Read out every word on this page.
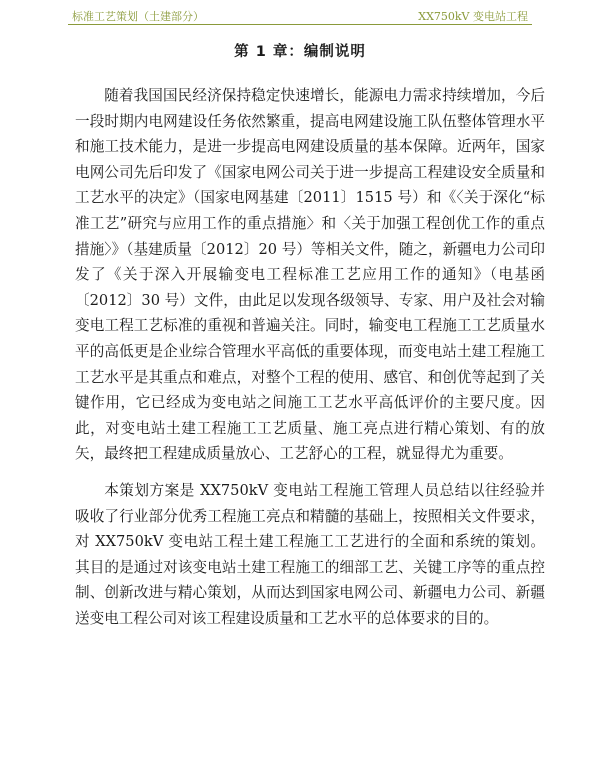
标准工艺策划（土建部分）	XX750kV 变电站工程
第 1 章：编制说明

随着我国国民经济保持稳定快速增长，能源电力需求持续增加，今后一段时期内电网建设任务依然繁重，提高电网建设施工队伍整体管理水平和施工技术能力，是进一步提高电网建设质量的基本保障。近两年，国家电网公司先后印发了《国家电网公司关于进一步提高工程建设安全质量和工艺水平的决定》（国家电网基建〔2011〕1515 号）和《〈关于深化“标准工艺”研究与应用工作的重点措施〉和〈关于加强工程创优工作的重点措施〉》（基建质量〔2012〕20 号）等相关文件，随之，新疆电力公司印发了《关于深入开展输变电工程标准工艺应用工作的通知》（电基函〔2012〕30 号）文件，由此足以发现各级领导、专家、用户及社会对输变电工程工艺标准的重视和普遍关注。同时，输变电工程施工工艺质量水平的高低更是企业综合管理水平高低的重要体现，而变电站土建工程施工工艺水平是其重点和难点，对整个工程的使用、感官、和创优等起到了关键作用，它已经成为变电站之间施工工艺水平高低评价的主要尺度。因此，对变电站土建工程施工工艺质量、施工亮点进行精心策划、有的放矢，最终把工程建成质量放心、工艺舒心的工程，就显得尤为重要。

本策划方案是 XX750kV 变电站工程施工管理人员总结以往经验并吸收了行业部分优秀工程施工亮点和精髓的基础上，按照相关文件要求，对 XX750kV 变电站工程土建工程施工工艺进行的全面和系统的策划。其目的是通过对该变电站土建工程施工的细部工艺、关键工序等的重点控制、创新改进与精心策划，从而达到国家电网公司、新疆电力公司、新疆送变电工程公司对该工程建设质量和工艺水平的总体要求的目的。
